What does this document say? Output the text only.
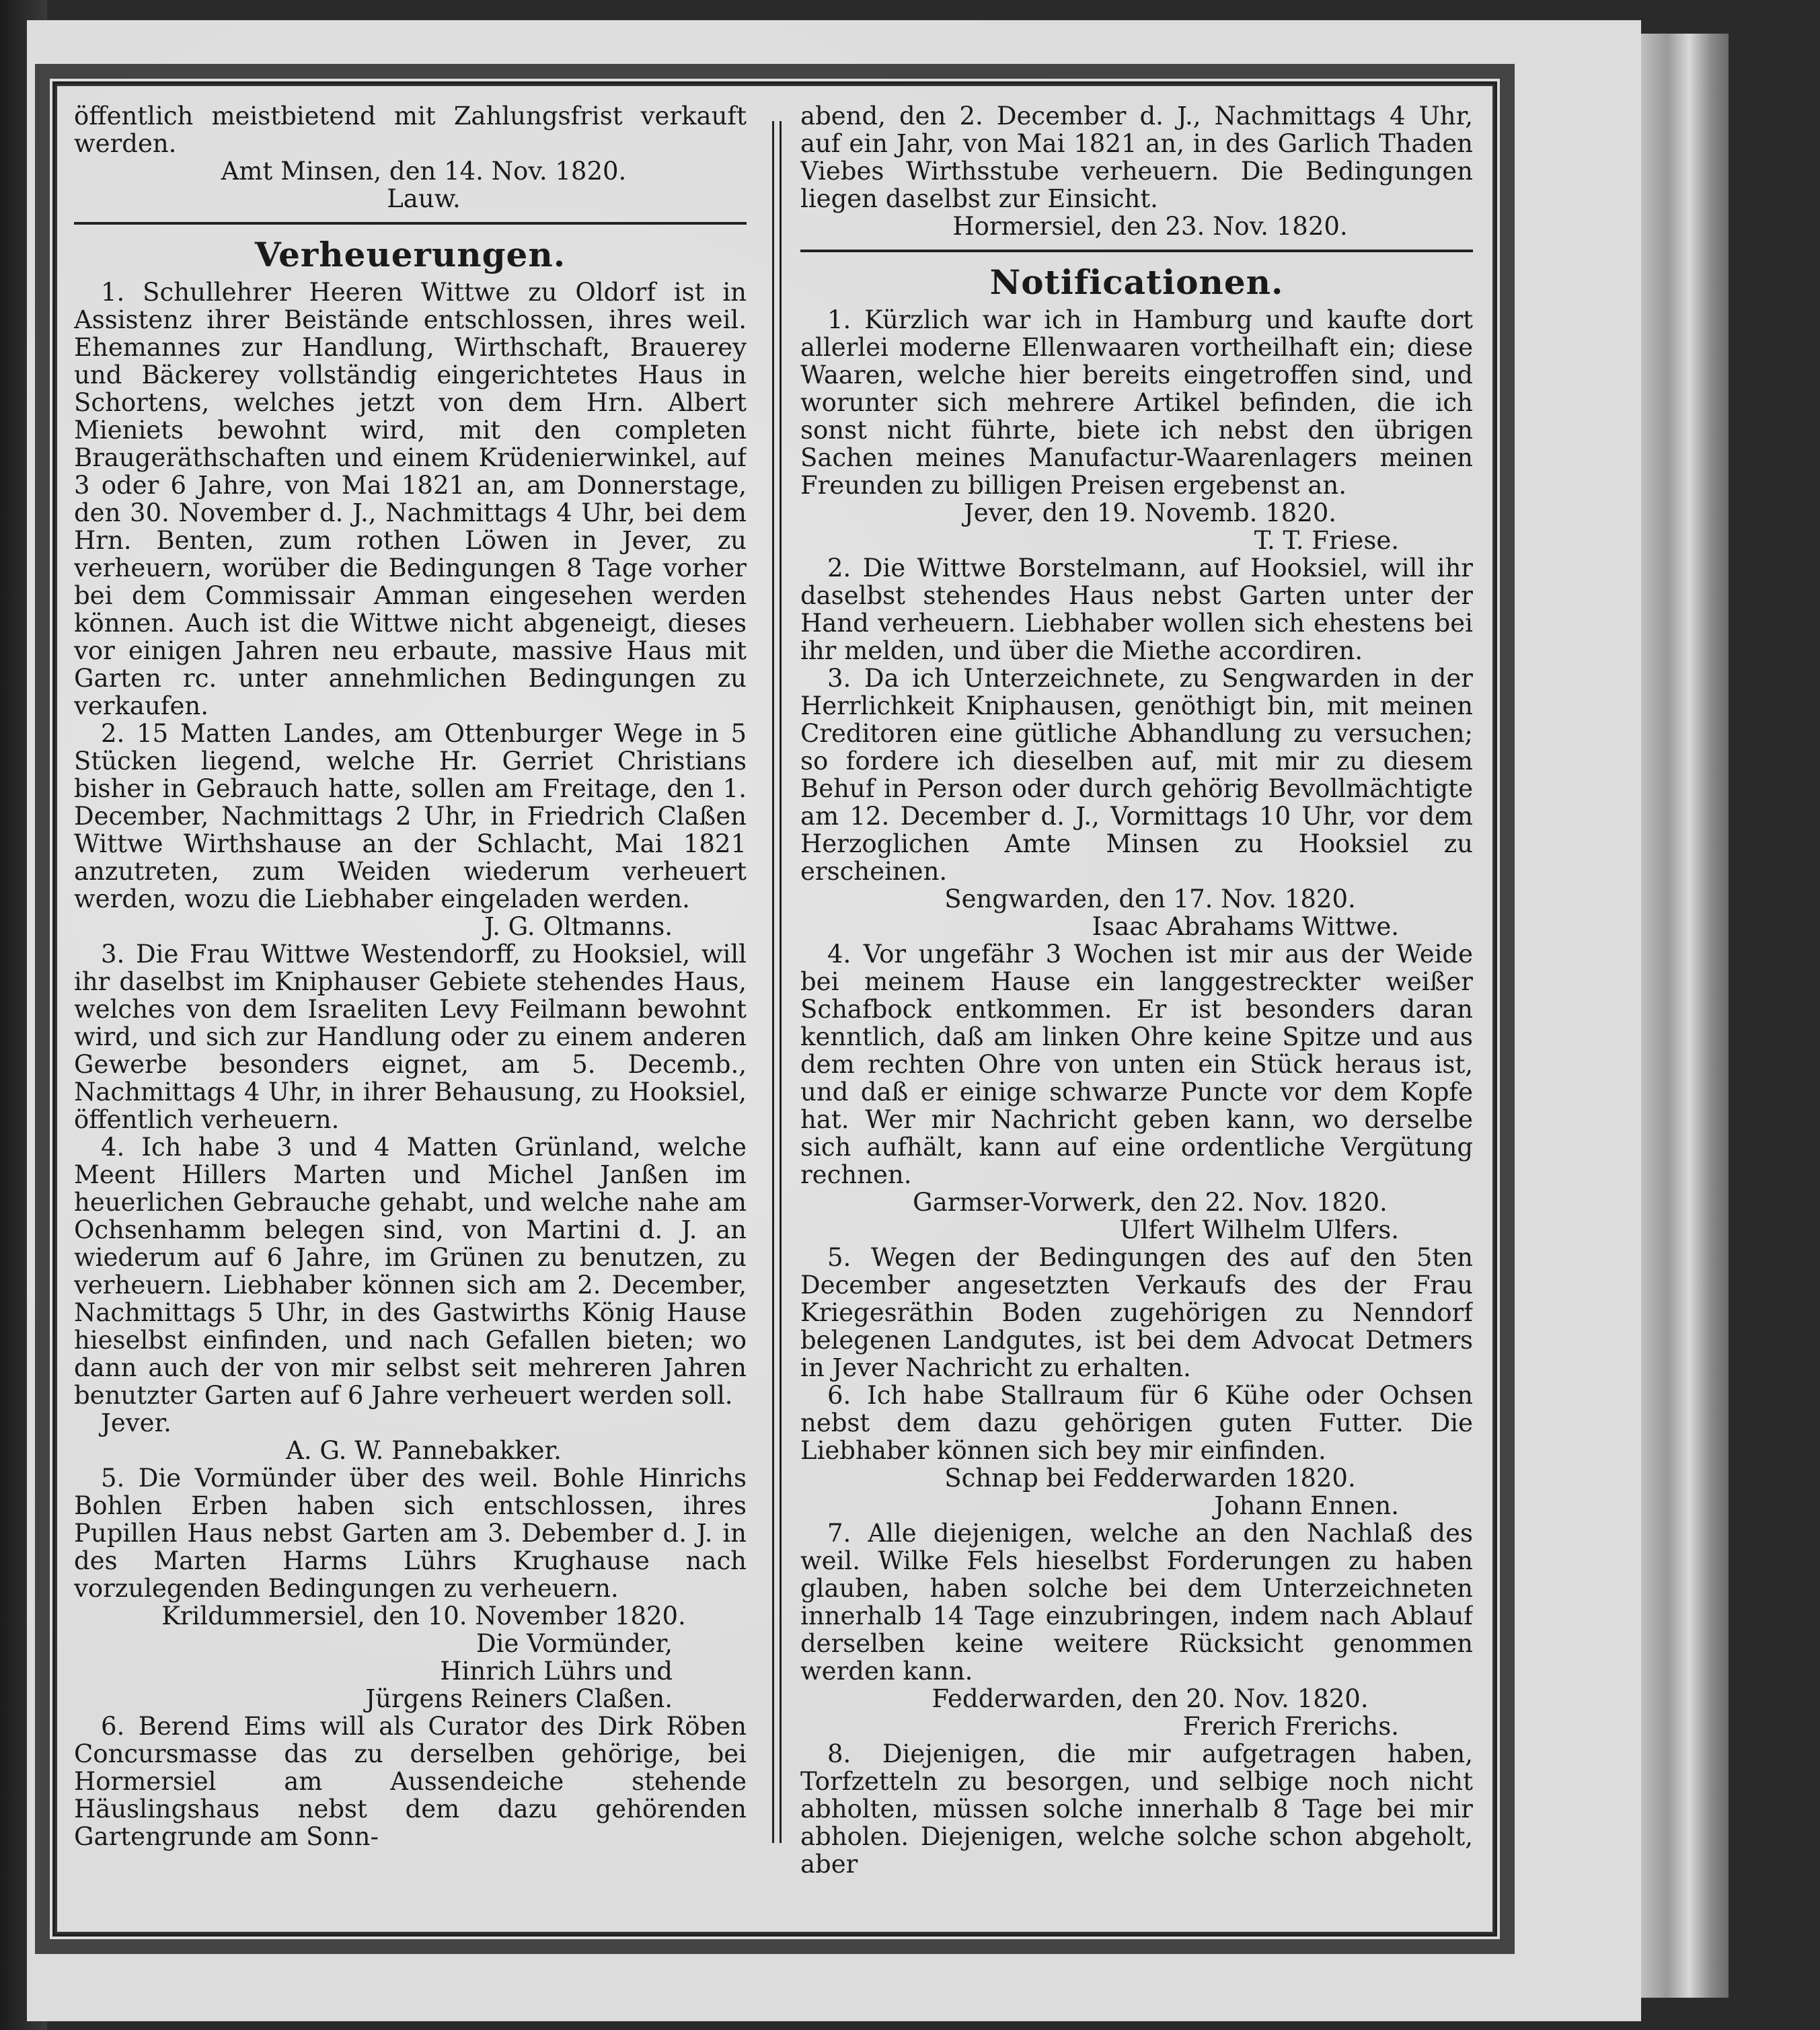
öffentlich meistbietend mit Zahlungsfrist verkauft werden.

Amt Minsen, den 14. Nov. 1820.

Lauw.

Verheuerungen.

1. Schullehrer Heeren Wittwe zu Oldorf ist in Assistenz ihrer Beistände entschlossen, ihres weil. Ehemannes zur Handlung, Wirthschaft, Brauerey und Bäckerey vollständig eingerichtetes Haus in Schortens, welches jetzt von dem Hrn. Albert Mieniets bewohnt wird, mit den completen Braugeräthschaften und einem Krüdenierwinkel, auf 3 oder 6 Jahre, von Mai 1821 an, am Donnerstage, den 30. November d. J., Nachmittags 4 Uhr, bei dem Hrn. Benten, zum rothen Löwen in Jever, zu verheuern, worüber die Bedingungen 8 Tage vorher bei dem Commissair Amman eingesehen werden können. Auch ist die Wittwe nicht abgeneigt, dieses vor einigen Jahren neu erbaute, massive Haus mit Garten rc. unter annehmlichen Bedingungen zu verkaufen.

2. 15 Matten Landes, am Ottenburger Wege in 5 Stücken liegend, welche Hr. Gerriet Christians bisher in Gebrauch hatte, sollen am Freitage, den 1. December, Nachmittags 2 Uhr, in Friedrich Claßen Wittwe Wirthshause an der Schlacht, Mai 1821 anzutreten, zum Weiden wiederum verheuert werden, wozu die Liebhaber eingeladen werden.

J. G. Oltmanns.

3. Die Frau Wittwe Westendorff, zu Hooksiel, will ihr daselbst im Kniphauser Gebiete stehendes Haus, welches von dem Israeliten Levy Feilmann bewohnt wird, und sich zur Handlung oder zu einem anderen Gewerbe besonders eignet, am 5. Decemb., Nachmittags 4 Uhr, in ihrer Behausung, zu Hooksiel, öffentlich verheuern.

4. Ich habe 3 und 4 Matten Grünland, welche Meent Hillers Marten und Michel Janßen im heuerlichen Gebrauche gehabt, und welche nahe am Ochsenhamm belegen sind, von Martini d. J. an wiederum auf 6 Jahre, im Grünen zu benutzen, zu verheuern. Liebhaber können sich am 2. December, Nachmittags 5 Uhr, in des Gastwirths König Hause hieselbst einfinden, und nach Gefallen bieten; wo dann auch der von mir selbst seit mehreren Jahren benutzter Garten auf 6 Jahre verheuert werden soll.

Jever.

A. G. W. Pannebakker.

5. Die Vormünder über des weil. Bohle Hinrichs Bohlen Erben haben sich entschlossen, ihres Pupillen Haus nebst Garten am 3. Debember d. J. in des Marten Harms Lührs Krughause nach vorzulegenden Bedingungen zu verheuern.

Krildummersiel, den 10. November 1820.

Die Vormünder,

Hinrich Lührs und

Jürgens Reiners Claßen.

6. Berend Eims will als Curator des Dirk Röben Concursmasse das zu derselben gehörige, bei Hormersiel am Aussendeiche stehende Häuslingshaus nebst dem dazu gehörenden Gartengrunde am Sonn-

abend, den 2. December d. J., Nachmittags 4 Uhr, auf ein Jahr, von Mai 1821 an, in des Garlich Thaden Viebes Wirthsstube verheuern. Die Bedingungen liegen daselbst zur Einsicht.

Hormersiel, den 23. Nov. 1820.

Notificationen.

1. Kürzlich war ich in Hamburg und kaufte dort allerlei moderne Ellenwaaren vortheilhaft ein; diese Waaren, welche hier bereits eingetroffen sind, und worunter sich mehrere Artikel befinden, die ich sonst nicht führte, biete ich nebst den übrigen Sachen meines Manufactur-Waarenlagers meinen Freunden zu billigen Preisen ergebenst an.

Jever, den 19. Novemb. 1820.

T. T. Friese.

2. Die Wittwe Borstelmann, auf Hooksiel, will ihr daselbst stehendes Haus nebst Garten unter der Hand verheuern. Liebhaber wollen sich ehestens bei ihr melden, und über die Miethe accordiren.

3. Da ich Unterzeichnete, zu Sengwarden in der Herrlichkeit Kniphausen, genöthigt bin, mit meinen Creditoren eine gütliche Abhandlung zu versuchen; so fordere ich dieselben auf, mit mir zu diesem Behuf in Person oder durch gehörig Bevollmächtigte am 12. December d. J., Vormittags 10 Uhr, vor dem Herzoglichen Amte Minsen zu Hooksiel zu erscheinen.

Sengwarden, den 17. Nov. 1820.

Isaac Abrahams Wittwe.

4. Vor ungefähr 3 Wochen ist mir aus der Weide bei meinem Hause ein langgestreckter weißer Schafbock entkommen. Er ist besonders daran kenntlich, daß am linken Ohre keine Spitze und aus dem rechten Ohre von unten ein Stück heraus ist, und daß er einige schwarze Puncte vor dem Kopfe hat. Wer mir Nachricht geben kann, wo derselbe sich aufhält, kann auf eine ordentliche Vergütung rechnen.

Garmser-Vorwerk, den 22. Nov. 1820.

Ulfert Wilhelm Ulfers.

5. Wegen der Bedingungen des auf den 5ten December angesetzten Verkaufs des der Frau Kriegesräthin Boden zugehörigen zu Nenndorf belegenen Landgutes, ist bei dem Advocat Detmers in Jever Nachricht zu erhalten.

6. Ich habe Stallraum für 6 Kühe oder Ochsen nebst dem dazu gehörigen guten Futter. Die Liebhaber können sich bey mir einfinden.

Schnap bei Fedderwarden 1820.

Johann Ennen.

7. Alle diejenigen, welche an den Nachlaß des weil. Wilke Fels hieselbst Forderungen zu haben glauben, haben solche bei dem Unterzeichneten innerhalb 14 Tage einzubringen, indem nach Ablauf derselben keine weitere Rücksicht genommen werden kann.

Fedderwarden, den 20. Nov. 1820.

Frerich Frerichs.

8. Diejenigen, die mir aufgetragen haben, Torfzetteln zu besorgen, und selbige noch nicht abholten, müssen solche innerhalb 8 Tage bei mir abholen. Diejenigen, welche solche schon abgeholt, aber
